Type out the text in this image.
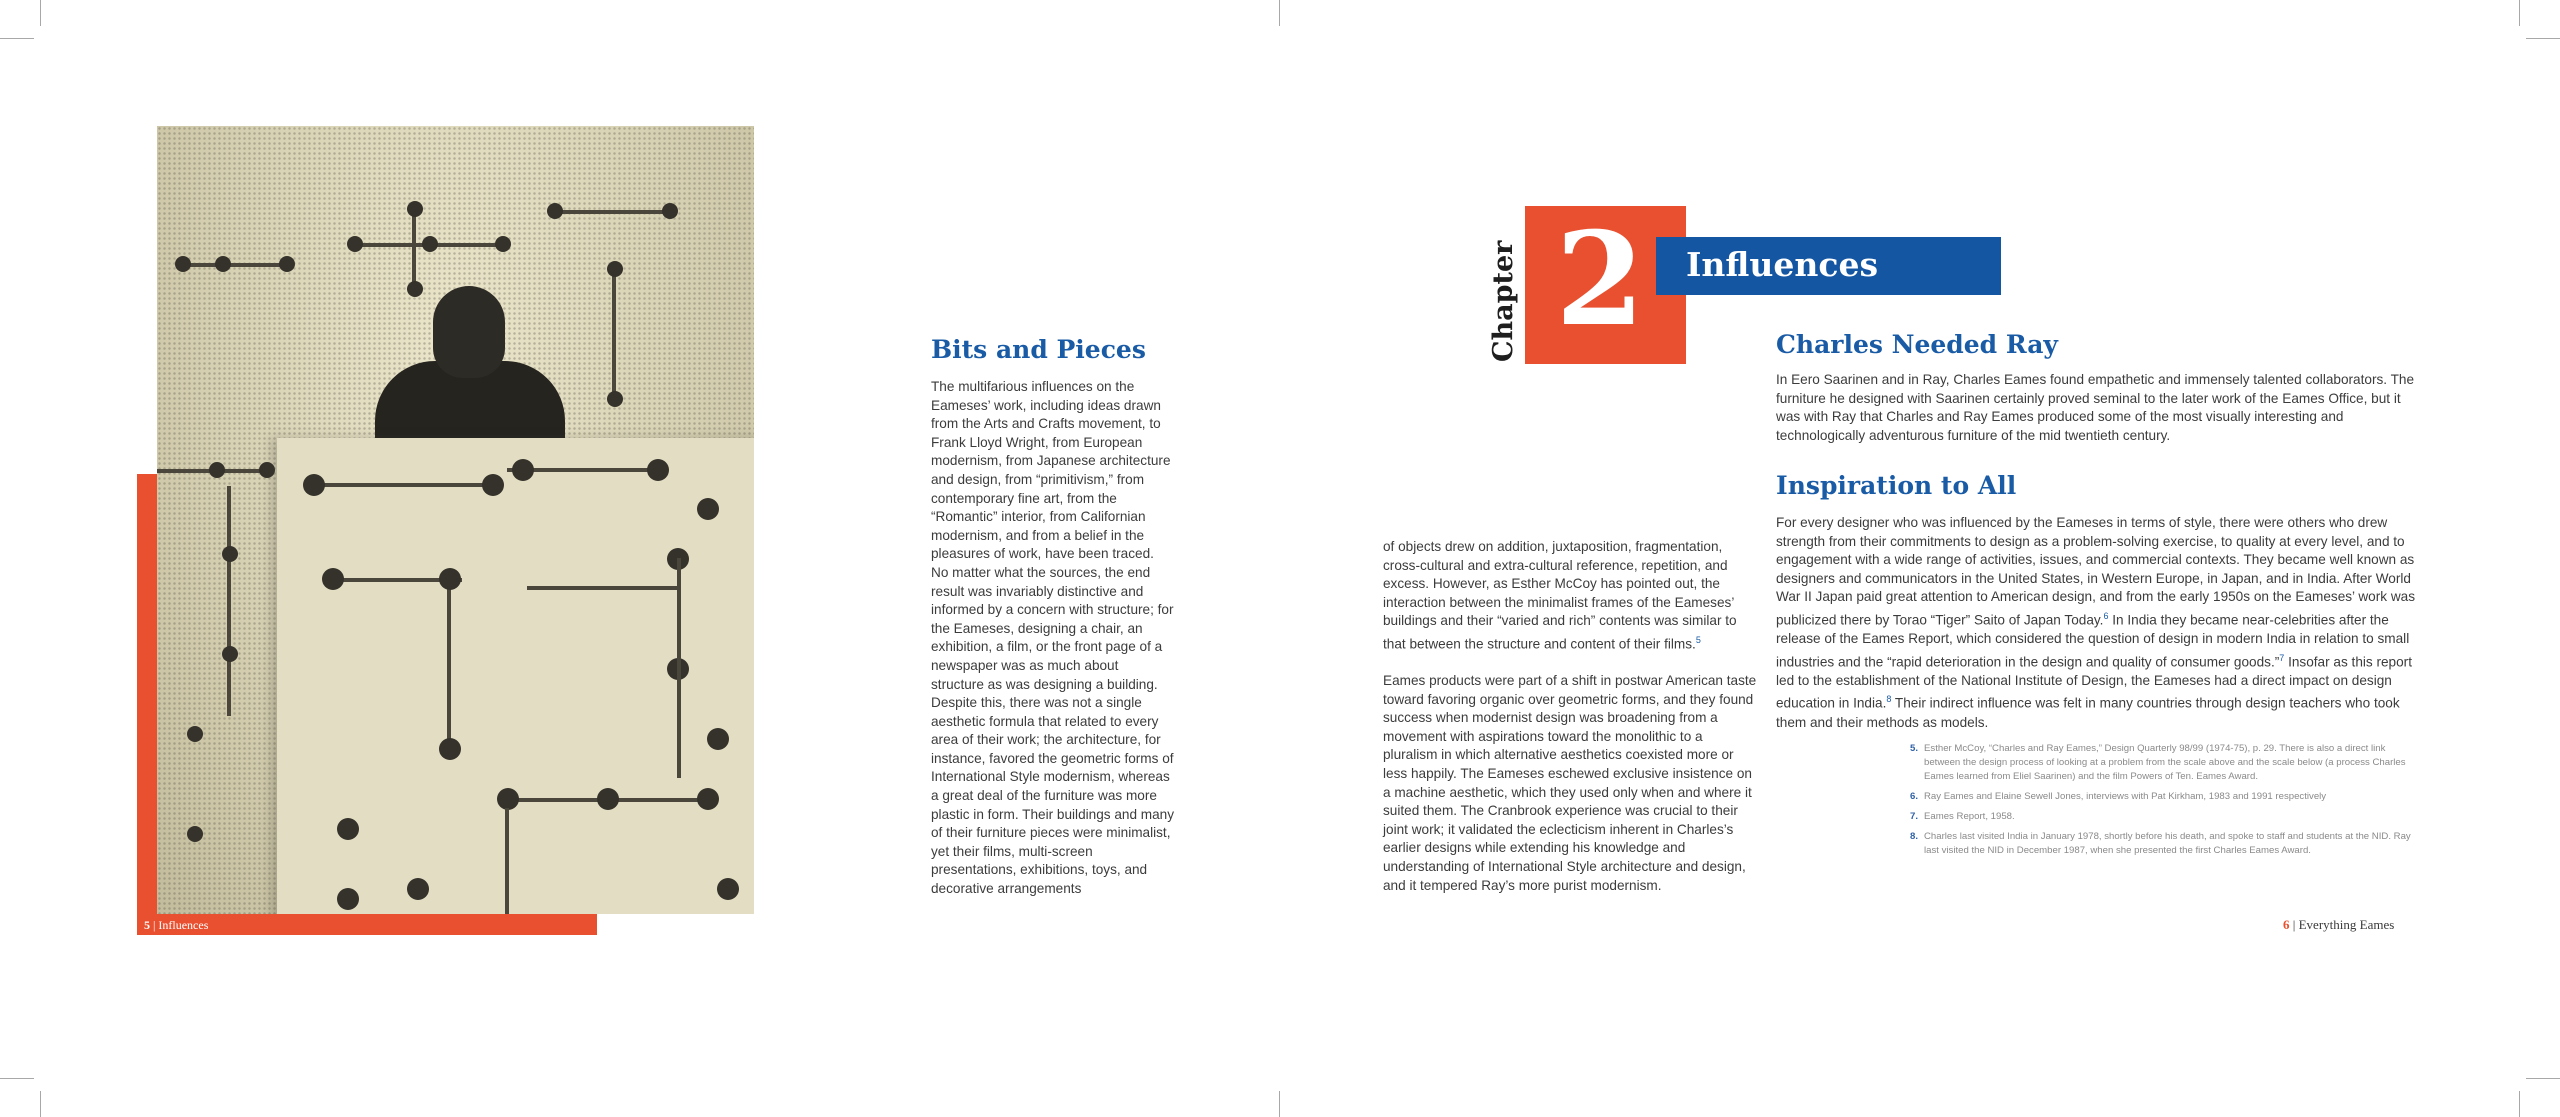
5 | Influences
Bits and Pieces

The multifarious influences on the Eameses’ work, including ideas drawn from the Arts and Crafts movement, to Frank Lloyd Wright, from European modernism, from Japanese architecture and design, from “primitivism,” from contemporary fine art, from the “Romantic” interior, from Californian modernism, and from a belief in the pleasures of work, have been traced. No matter what the sources, the end result was invariably distinctive and informed by a concern with structure; for the Eameses, designing a chair, an exhibition, a film, or the front page of a newspaper was as much about structure as was designing a building. Despite this, there was not a single aesthetic formula that related to every area of their work; the architecture, for instance, favored the geometric forms of International Style modernism, whereas a great deal of the furniture was more plastic in form. Their buildings and many of their furniture pieces were minimalist, yet their films, multi-screen presentations, exhibitions, toys, and decorative arrangements

of objects drew on addition, juxtaposition, fragmentation, cross-cultural and extra-cultural reference, repetition, and excess. However, as Esther McCoy has pointed out, the interaction between the minimalist frames of the Eameses’ buildings and their “varied and rich” contents was similar to that between the structure and content of their films.$^5$

Eames products were part of a shift in postwar American taste toward favoring organic over geometric forms, and they found success when modernist design was broadening from a movement with aspirations toward the monolithic to a pluralism in which alternative aesthetics coexisted more or less happily. The Eameses eschewed exclusive insistence on a machine aesthetic, which they used only when and where it suited them. The Cranbrook experience was crucial to their joint work; it validated the eclecticism inherent in Charles’s earlier designs while extending his knowledge and understanding of International Style architecture and design, and it tempered Ray’s more purist modernism.

2
Chapter	Influences
Charles Needed Ray

In Eero Saarinen and in Ray, Charles Eames found empathetic and immensely talented collaborators. The furniture he designed with Saarinen certainly proved seminal to the later work of the Eames Office, but it was with Ray that Charles and Ray Eames produced some of the most visually interesting and technologically adventurous furniture of the mid twentieth century.

Inspiration to All

For every designer who was influenced by the Eameses in terms of style, there were others who drew strength from their commitments to design as a problem-solving exercise, to quality at every level, and to engagement with a wide range of activities, issues, and commercial contexts. They became well known as designers and communicators in the United States, in Western Europe, in Japan, and in India. After World War II Japan paid great attention to American design, and from the early 1950s on the Eameses’ work was publicized there by Torao “Tiger” Saito of Japan Today.$^6$ In India they became near-celebrities after the release of the Eames Report, which considered the question of design in modern India in relation to small industries and the “rapid deterioration in the design and quality of consumer goods.”$^7$ Insofar as this report led to the establishment of the National Institute of Design, the Eameses had a direct impact on design education in India.$^8$ Their indirect influence was felt in many countries through design teachers who took them and their methods as models.

5. Esther McCoy, “Charles and Ray Eames,” Design Quarterly 98/99 (1974-75), p. 29. There is also a direct link between the design process of looking at a problem from the scale above and the scale below (a process Charles Eames learned from Eliel Saarinen) and the film Powers of Ten. Eames Award.
6. Ray Eames and Elaine Sewell Jones, interviews with Pat Kirkham, 1983 and 1991 respectively
7. Eames Report, 1958.
8. Charles last visited India in January 1978, shortly before his death, and spoke to staff and students at the NID. Ray last visited the NID in December 1987, when she presented the first Charles Eames Award.
6 | Everything Eames
